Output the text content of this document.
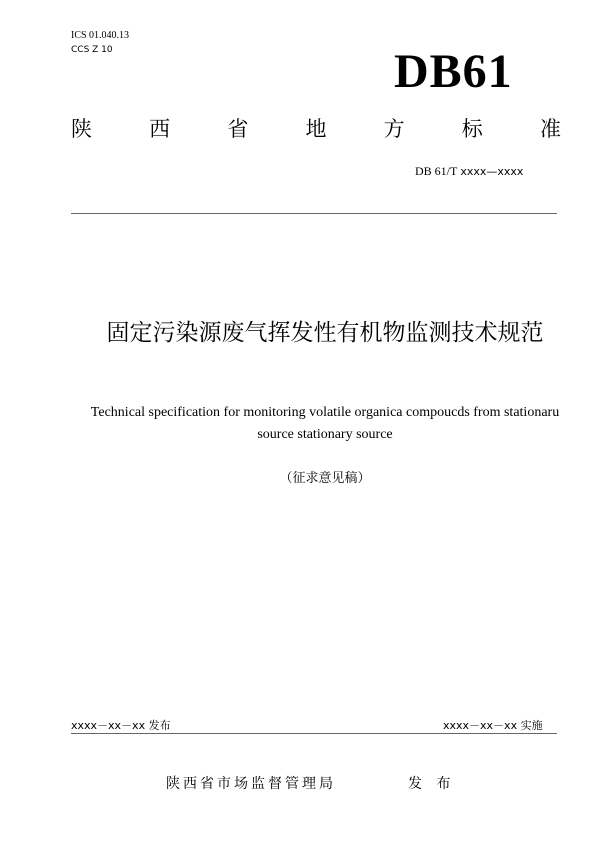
ICS 01.040.13
CCS Z 10	DB61
陕	西	省	地	方	标	准
DB 61/T xxxx—xxxx
固定污染源废气挥发性有机物监测技术规范
Technical specification for monitoring volatile organica compoucds from stationaru source stationary source
（征求意见稿）
xxxx－xx－xx 发布	xxxx－xx－xx 实施
陕西省市场监督管理局	发 布
